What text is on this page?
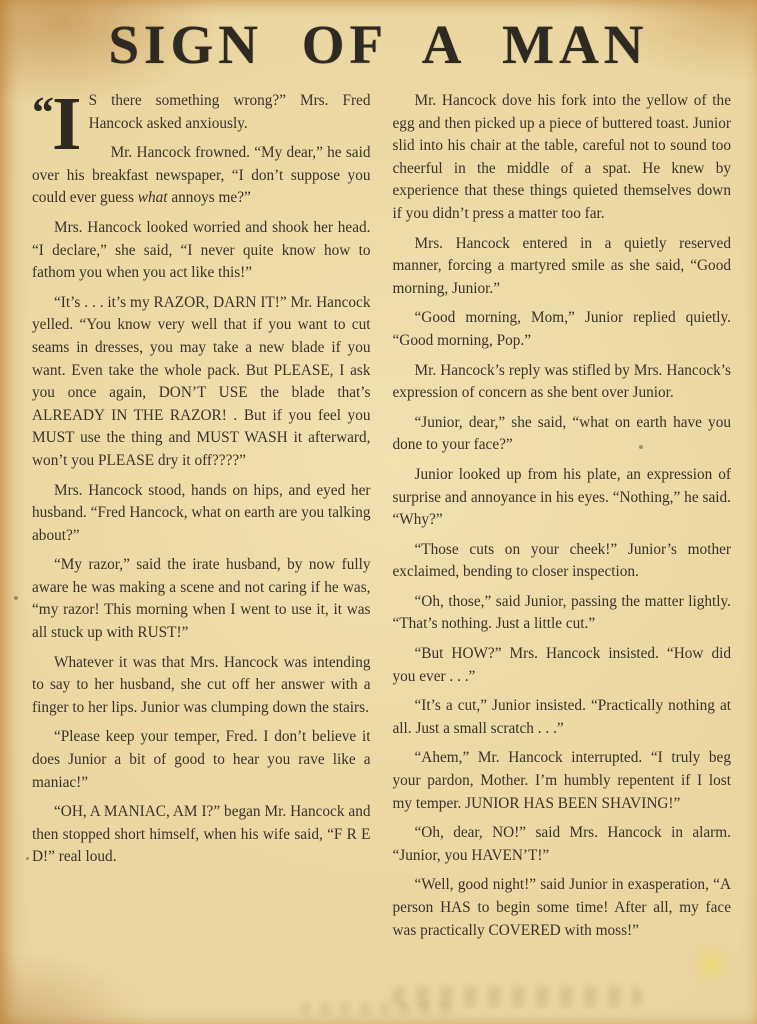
SIGN OF A MAN

“ I S there something wrong?” Mrs. Fred Hancock asked anxiously.

Mr. Hancock frowned. “My dear,” he said over his breakfast newspaper, “I don’t suppose you could ever guess what annoys me?”

Mrs. Hancock looked worried and shook her head. “I declare,” she said, “I never quite know how to fathom you when you act like this!”

“It’s . . . it’s my RAZOR, DARN IT!” Mr. Hancock yelled. “You know very well that if you want to cut seams in dresses, you may take a new blade if you want. Even take the whole pack. But PLEASE, I ask you once again, DON’T USE the blade that’s ALREADY IN THE RAZOR! . But if you feel you MUST use the thing and MUST WASH it afterward, won’t you PLEASE dry it off????”

Mrs. Hancock stood, hands on hips, and eyed her husband. “Fred Hancock, what on earth are you talking about?”

“My razor,” said the irate husband, by now fully aware he was making a scene and not caring if he was, “my razor! This morning when I went to use it, it was all stuck up with RUST!”

Whatever it was that Mrs. Hancock was intending to say to her husband, she cut off her answer with a finger to her lips. Junior was clumping down the stairs.

“Please keep your temper, Fred. I don’t believe it does Junior a bit of good to hear you rave like a maniac!”

“OH, A MANIAC, AM I?” began Mr. Hancock and then stopped short himself, when his wife said, “F R E D!” real loud.

Mr. Hancock dove his fork into the yellow of the egg and then picked up a piece of buttered toast. Junior slid into his chair at the table, careful not to sound too cheerful in the middle of a spat. He knew by experience that these things quieted themselves down if you didn’t press a matter too far.

Mrs. Hancock entered in a quietly reserved manner, forcing a martyred smile as she said, “Good morning, Junior.”

“Good morning, Mom,” Junior replied quietly. “Good morning, Pop.”

Mr. Hancock’s reply was stifled by Mrs. Hancock’s expression of concern as she bent over Junior.

“Junior, dear,” she said, “what on earth have you done to your face?”

Junior looked up from his plate, an expression of surprise and annoyance in his eyes. “Nothing,” he said. “Why?”

“Those cuts on your cheek!” Junior’s mother exclaimed, bending to closer inspection.

“Oh, those,” said Junior, passing the matter lightly. “That’s nothing. Just a little cut.”

“But HOW?” Mrs. Hancock insisted. “How did you ever . . .”

“It’s a cut,” Junior insisted. “Practically nothing at all. Just a small scratch . . .”

“Ahem,” Mr. Hancock interrupted. “I truly beg your pardon, Mother. I’m humbly repentent if I lost my temper. JUNIOR HAS BEEN SHAVING!”

“Oh, dear, NO!” said Mrs. Hancock in alarm. “Junior, you HAVEN’T!”

“Well, good night!” said Junior in exasperation, “A person HAS to begin some time! After all, my face was practically COVERED with moss!”
